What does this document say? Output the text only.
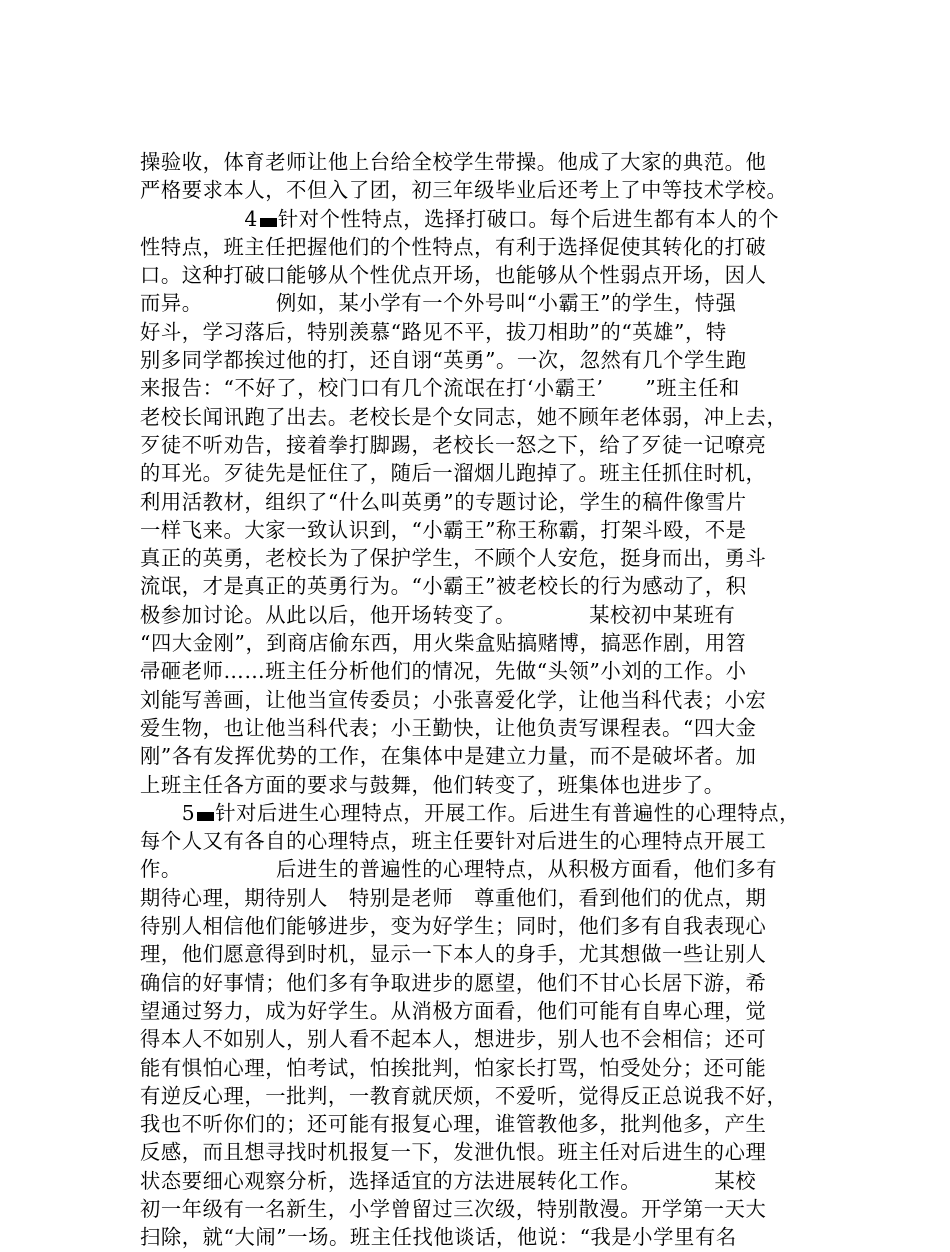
操验收，体育老师让他上台给全校学生带操。他成了大家的典范。他
严格要求本人，不但入了团，初三年级毕业后还考上了中等技术学校。
　　　　　4 针对个性特点，选择打破口。每个后进生都有本人的个
性特点，班主任把握他们的个性特点，有利于选择促使其转化的打破
口。这种打破口能够从个性优点开场，也能够从个性弱点开场，因人
而异。　　　　例如，某小学有一个外号叫“小霸王”的学生，恃强
好斗，学习落后，特别羡慕“路见不平，拔刀相助”的“英雄”，特
别多同学都挨过他的打，还自诩“英勇”。一次，忽然有几个学生跑
来报告：“不好了，校门口有几个流氓在打‘小霸王’　　”班主任和
老校长闻讯跑了出去。老校长是个女同志，她不顾年老体弱，冲上去，
歹徒不听劝告，接着拳打脚踢，老校长一怒之下，给了歹徒一记嘹亮
的耳光。歹徒先是怔住了，随后一溜烟儿跑掉了。班主任抓住时机，
利用活教材，组织了“什么叫英勇”的专题讨论，学生的稿件像雪片
一样飞来。大家一致认识到，“小霸王”称王称霸，打架斗殴，不是
真正的英勇，老校长为了保护学生，不顾个人安危，挺身而出，勇斗
流氓，才是真正的英勇行为。“小霸王”被老校长的行为感动了，积
极参加讨论。从此以后，他开场转变了。　　　　某校初中某班有
“四大金刚”，到商店偷东西，用火柴盒贴搞赌博，搞恶作剧，用笤
帚砸老师……班主任分析他们的情况，先做“头领”小刘的工作。小
刘能写善画，让他当宣传委员；小张喜爱化学，让他当科代表；小宏
爱生物，也让他当科代表；小王勤快，让他负责写课程表。“四大金
刚”各有发挥优势的工作，在集体中是建立力量，而不是破坏者。加
上班主任各方面的要求与鼓舞，他们转变了，班集体也进步了。
　　5 针对后进生心理特点，开展工作。后进生有普遍性的心理特点，
每个人又有各自的心理特点，班主任要针对后进生的心理特点开展工
作。　　　　　后进生的普遍性的心理特点，从积极方面看，他们多有
期待心理，期待别人　特别是老师　尊重他们，看到他们的优点，期
待别人相信他们能够进步，变为好学生；同时，他们多有自我表现心
理，他们愿意得到时机，显示一下本人的身手，尤其想做一些让别人
确信的好事情；他们多有争取进步的愿望，他们不甘心长居下游，希
望通过努力，成为好学生。从消极方面看，他们可能有自卑心理，觉
得本人不如别人，别人看不起本人，想进步，别人也不会相信；还可
能有惧怕心理，怕考试，怕挨批判，怕家长打骂，怕受处分；还可能
有逆反心理，一批判，一教育就厌烦，不爱听，觉得反正总说我不好，
我也不听你们的；还可能有报复心理，谁管教他多，批判他多，产生
反感，而且想寻找时机报复一下，发泄仇恨。班主任对后进生的心理
状态要细心观察分析，选择适宜的方法进展转化工作。　　　　某校
初一年级有一名新生，小学曾留过三次级，特别散漫。开学第一天大
扫除，就“大闹”一场。班主任找他谈话，他说：“我是小学里有名
